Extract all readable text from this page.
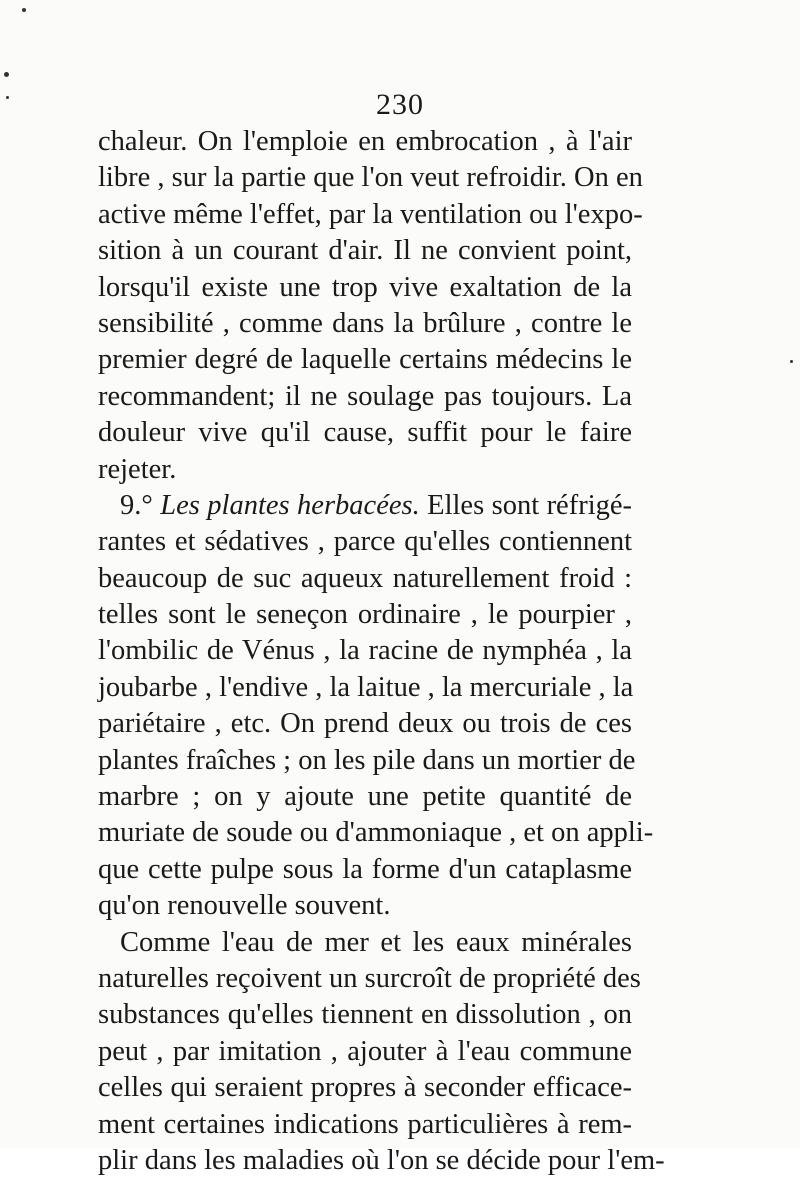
230
chaleur. On l'emploie en embrocation , à l'air
libre , sur la partie que l'on veut refroidir. On en
active même l'effet, par la ventilation ou l'expo-
sition à un courant d'air. Il ne convient point,
lorsqu'il existe une trop vive exaltation de la
sensibilité , comme dans la brûlure , contre le
premier degré de laquelle certains médecins le
recommandent; il ne soulage pas toujours. La
douleur vive qu'il cause, suffit pour le faire
rejeter.
9.° Les plantes herbacées. Elles sont réfrigé-
rantes et sédatives , parce qu'elles contiennent
beaucoup de suc aqueux naturellement froid :
telles sont le seneçon ordinaire , le pourpier ,
l'ombilic de Vénus , la racine de nymphéa , la
joubarbe , l'endive , la laitue , la mercuriale , la
pariétaire , etc. On prend deux ou trois de ces
plantes fraîches ; on les pile dans un mortier de
marbre ; on y ajoute une petite quantité de
muriate de soude ou d'ammoniaque , et on appli-
que cette pulpe sous la forme d'un cataplasme
qu'on renouvelle souvent.
Comme l'eau de mer et les eaux minérales
naturelles reçoivent un surcroît de propriété des
substances qu'elles tiennent en dissolution , on
peut , par imitation , ajouter à l'eau commune
celles qui seraient propres à seconder efficace-
ment certaines indications particulières à rem-
plir dans les maladies où l'on se décide pour l'em-
